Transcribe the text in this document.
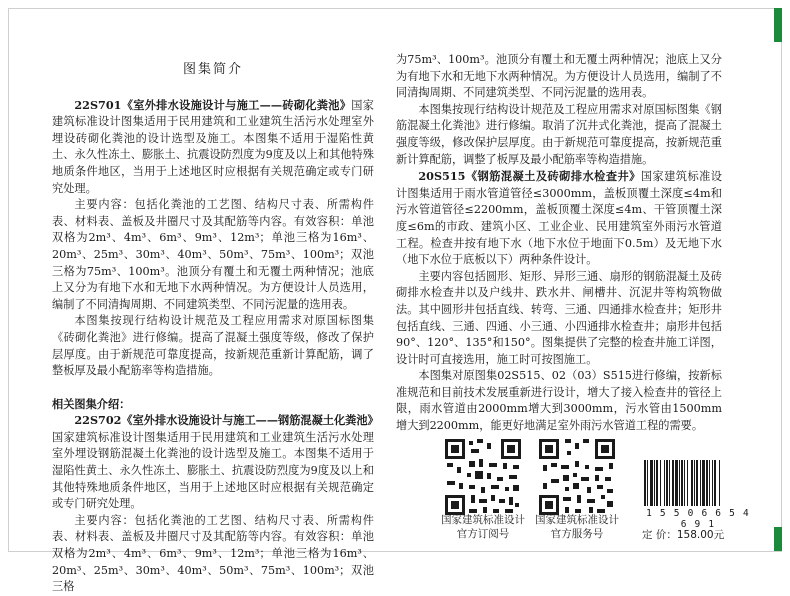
图集简介

22S701《室外排水设施设计与施工——砖砌化粪池》国家建筑标准设计图集适用于民用建筑和工业建筑生活污水处理室外埋设砖砌化粪池的设计选型及施工。本图集不适用于湿陷性黄土、永久性冻土、膨胀土、抗震设防烈度为9度及以上和其他特殊地质条件地区，当用于上述地区时应根据有关规范确定或专门研究处理。

主要内容：包括化粪池的工艺图、结构尺寸表、所需构件表、材料表、盖板及井圈尺寸及其配筋等内容。有效容积：单池双格为2m³、4m³、6m³、9m³、12m³；单池三格为16m³、20m³、25m³、30m³、40m³、50m³、75m³、100m³；双池三格为75m³、100m³。池顶分有覆土和无覆土两种情况；池底上又分为有地下水和无地下水两种情况。为方便设计人员选用，编制了不同清掏周期、不同建筑类型、不同污泥量的选用表。

本图集按现行结构设计规范及工程应用需求对原国标图集《砖砌化粪池》进行修编。提高了混凝土强度等级，修改了保护层厚度。由于新规范可靠度提高，按新规范重新计算配筋，调了整板厚及最小配筋率等构造措施。

相关图集介绍：

22S702《室外排水设施设计与施工——钢筋混凝土化粪池》国家建筑标准设计图集适用于民用建筑和工业建筑生活污水处理室外埋设钢筋混凝土化粪池的设计选型及施工。本图集不适用于湿陷性黄土、永久性冻土、膨胀土、抗震设防烈度为9度及以上和其他特殊地质条件地区，当用于上述地区时应根据有关规范确定或专门研究处理。

主要内容：包括化粪池的工艺图、结构尺寸表、所需构件表、材料表、盖板及井圈尺寸及其配筋等内容。有效容积：单池双格为2m³、4m³、6m³、9m³、12m³；单池三格为16m³、20m³、25m³、30m³、40m³、50m³、75m³、100m³；双池三格

为75m³、100m³。池顶分有覆土和无覆土两种情况；池底上又分为有地下水和无地下水两种情况。为方便设计人员选用，编制了不同清掏周期、不同建筑类型、不同污泥量的选用表。

本图集按现行结构设计规范及工程应用需求对原国标图集《钢筋混凝土化粪池》进行修编。取消了沉井式化粪池，提高了混凝土强度等级，修改保护层厚度。由于新规范可靠度提高，按新规范重新计算配筋，调整了板厚及最小配筋率等构造措施。

20S515《钢筋混凝土及砖砌排水检查井》国家建筑标准设计图集适用于雨水管道管径≤3000mm，盖板顶覆土深度≤4m和污水管道管径≤2200mm，盖板顶覆土深度≤4m、干管顶覆土深度≤6m的市政、建筑小区、工业企业、民用建筑室外雨污水管道工程。检查井按有地下水（地下水位于地面下0.5m）及无地下水（地下水位于底板以下）两种条件设计。

主要内容包括圆形、矩形、异形三通、扇形的钢筋混凝土及砖砌排水检查井以及户线井、跌水井、闸槽井、沉泥井等构筑物做法。其中圆形井包括直线、转弯、三通、四通排水检查井；矩形井包括直线、三通、四通、小三通、小四通排水检查井；扇形井包括90°、120°、135°和150°。图集提供了完整的检查井施工详图，设计时可直接选用，施工时可按图施工。

本图集对原图集02S515、02（03）S515进行修编，按新标准规范和目前技术发展重新进行设计，增大了接入检查井的管径上限，雨水管道由2000mm增大到3000mm，污水管由1500mm增大到2200mm，能更好地满足室外雨污水管道工程的需要。

国家建筑标准设计
官方订阅号
国家建筑标准设计
官方服务号
1 5 5 0 6 6 5 4 6 9 1
定 价：158.00元
